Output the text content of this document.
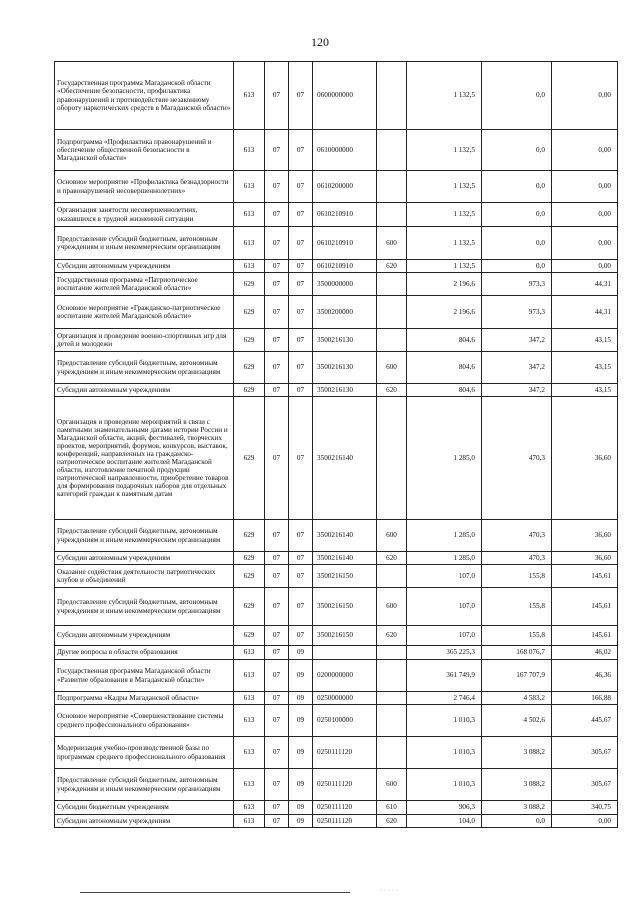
120
Государственная программа Магаданской области «Обеспечение безопасности, профилактика правонарушений и противодействие незаконному обороту наркотических средств в Магаданской области»	613	07	07	0600000000		1 132,5	0,0	0,00
Подпрограмма «Профилактика правонарушений и обеспечение общественной безопасности в Магаданской области»	613	07	07	0610000000		1 132,5	0,0	0,00
Основное мероприятие «Профилактика безнадзорности и правонарушений несовершеннолетних»	613	07	07	0610200000		1 132,5	0,0	0,00
Организация занятости несовершеннолетних, оказавшихся в трудной жизненной ситуации	613	07	07	0610210910		1 132,5	0,0	0,00
Предоставление субсидий бюджетным, автономным учреждениям и иным некоммерческим организациям	613	07	07	0610210910	600	1 132,5	0,0	0,00
Субсидии автономным учреждениям	613	07	07	0610210910	620	1 132,5	0,0	0,00
Государственная программа «Патриотическое воспитание жителей Магаданской области»	629	07	07	3500000000		2 196,6	973,3	44,31
Основное мероприятие «Гражданско-патриотическое воспитание жителей Магаданской области»	629	07	07	3500200000		2 196,6	973,3	44,31
Организация и проведение военно-спортивных игр для детей и молодежи	629	07	07	3500216130		804,6	347,2	43,15
Предоставление субсидий бюджетным, автономным учреждениям и иным некоммерческим организациям	629	07	07	3500216130	600	804,6	347,2	43,15
Субсидии автономным учреждениям	629	07	07	3500216130	620	804,6	347,2	43,15
Организация и проведение мероприятий в связи с памятными знаменательными датами истории России и Магаданской области, акций, фестивалей, творческих проектов, мероприятий, форумов, конкурсов, выставок, конференций, направленных на гражданско-патриотическое воспитание жителей Магаданской области, изготовление печатной продукции патриотической направленности, приобретение товаров для формирования подарочных наборов для отдельных категорий граждан к памятным датам	629	07	07	3500216140		1 285,0	470,3	36,60
Предоставление субсидий бюджетным, автономным учреждениям и иным некоммерческим организациям	629	07	07	3500216140	600	1 285,0	470,3	36,60
Субсидии автономным учреждениям	629	07	07	3500216140	620	1 285,0	470,3	36,60
Оказание содействия деятельности патриотических клубов и объединений	629	07	07	3500216150		107,0	155,8	145,61
Предоставление субсидий бюджетным, автономным учреждениям и иным некоммерческим организациям	629	07	07	3500216150	600	107,0	155,8	145,61
Субсидии автономным учреждениям	629	07	07	3500216150	620	107,0	155,8	145,61
Другие вопросы в области образования	613	07	09			365 225,3	168 076,7	46,02
Государственная программа Магаданской области «Развитие образования в Магаданской области»	613	07	09	0200000000		361 749,9	167 707,9	46,36
Подпрограмма «Кадры Магаданской области»	613	07	09	0250000000		2 746,4	4 583,2	166,88
Основное мероприятие «Совершенствование системы среднего профессионального образования»	613	07	09	0250100000		1 010,3	4 502,6	445,67
Модернизация учебно-производственной базы по программам среднего профессионального образования	613	07	09	0250111120		1 010,3	3 088,2	305,67
Предоставление субсидий бюджетным, автономным учреждениям и иным некоммерческим организациям	613	07	09	0250111120	600	1 010,3	3 088,2	305,67
Субсидии бюджетным учреждениям	613	07	09	0250111120	610	906,3	3 088,2	340,75
Субсидии автономным учреждениям	613	07	09	0250111120	620	104,0	0,0	0,00
·····
